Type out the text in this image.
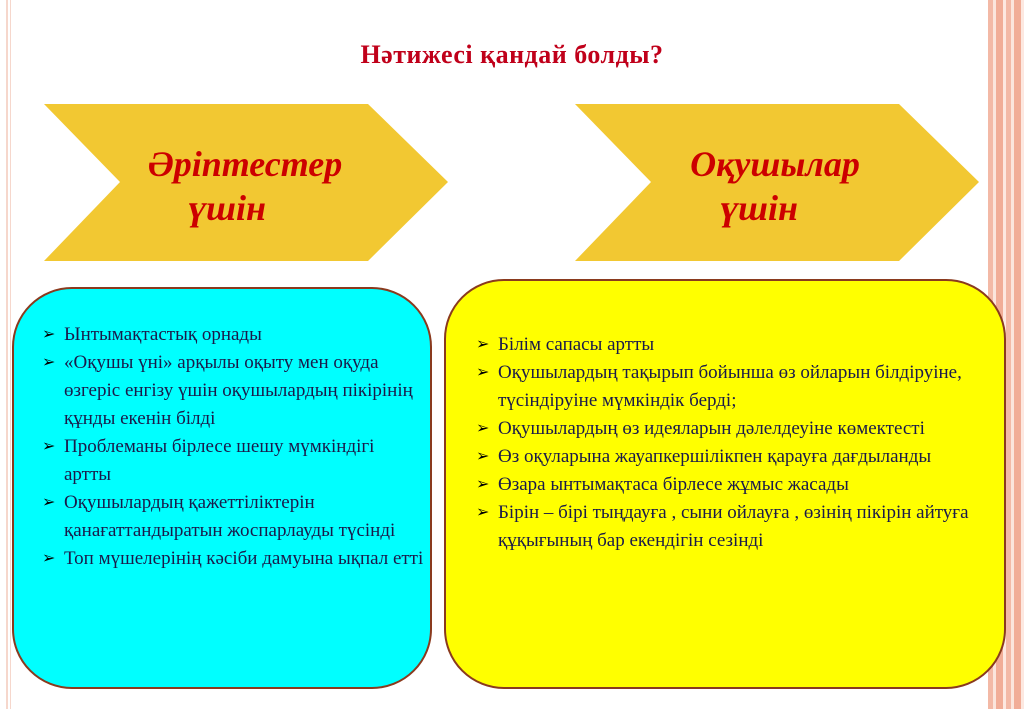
Нәтижесі қандай болды?
Әріптестер
үшін
Оқушылар
үшін
➢ Ынтымақтастық орнады
➢ «Оқушы үні» арқылы оқыту мен оқуда өзгеріс енгізу үшін оқушылардың пікірінің құнды екенін білді
➢ Проблеманы бірлесе шешу мүмкіндігі артты
➢ Оқушылардың қажеттіліктерін қанағаттандыратын жоспарлауды түсінді
➢ Топ мүшелерінің кәсіби дамуына ықпал етті
➢ Білім сапасы артты
➢ Оқушылардың тақырып бойынша өз ойларын білдіруіне, түсіндіруіне мүмкіндік берді;
➢ Оқушылардың өз идеяларын дәлелдеуіне көмектесті
➢ Өз оқуларына жауапкершілікпен қарауға дағдыланды
➢ Өзара ынтымақтаса бірлесе жұмыс жасады
➢ Бірін – бірі тыңдауға , сыни ойлауға , өзінің пікірін айтуға құқығының бар екендігін сезінді
